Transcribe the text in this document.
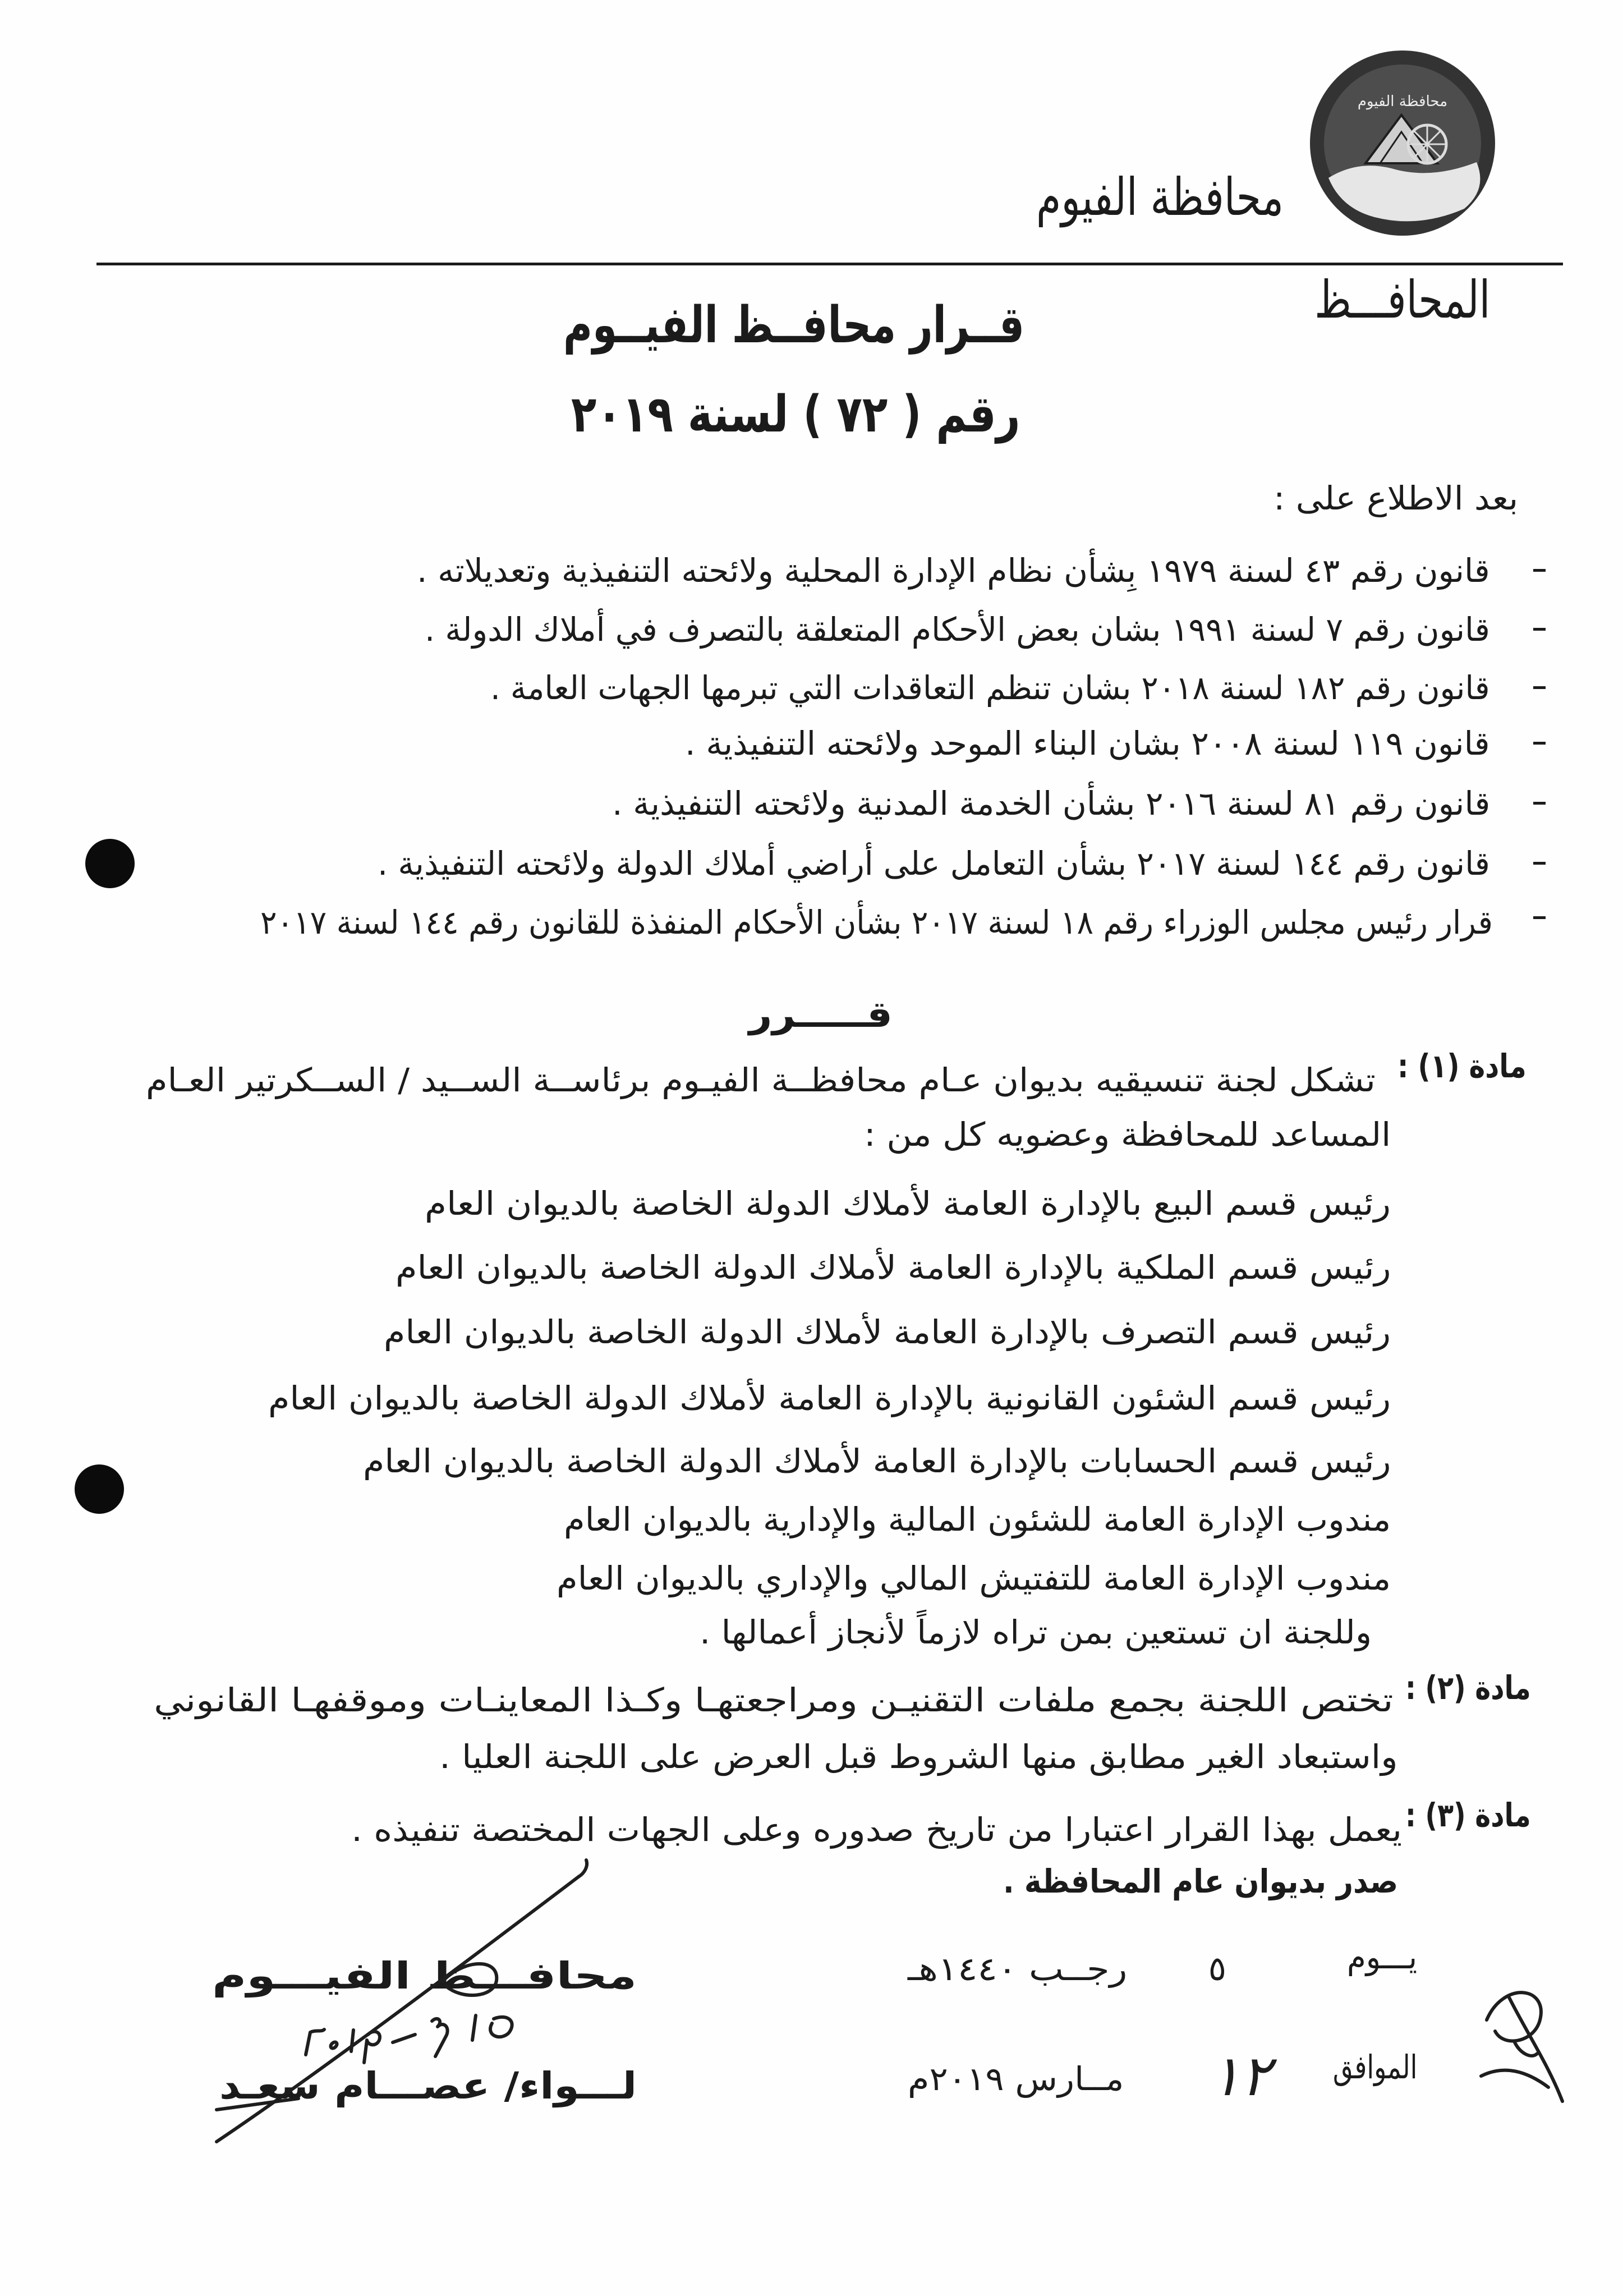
محافظة الفيوم
محافظة الفيوم
المحافـــظ
قــرار محافــظ الفيــوم
رقم ( ٧٢ ) لسنة ٢٠١٩
بعد الاطلاع على :
قانون رقم ٤٣ لسنة ١٩٧٩ بِشأن نظام الإدارة المحلية ولائحته التنفيذية وتعديلاته .
قانون رقم ٧ لسنة ١٩٩١ بشان بعض الأحكام المتعلقة بالتصرف في أملاك الدولة .
قانون رقم ١٨٢ لسنة ٢٠١٨ بشان تنظم التعاقدات التي تبرمها الجهات العامة .
قانون ١١٩ لسنة ٢٠٠٨ بشان البناء الموحد ولائحته التنفيذية .
قانون رقم ٨١ لسنة ٢٠١٦ بشأن الخدمة المدنية ولائحته التنفيذية .
قانون رقم ١٤٤ لسنة ٢٠١٧ بشأن التعامل على أراضي أملاك الدولة ولائحته التنفيذية .
قرار رئيس مجلس الوزراء رقم ١٨ لسنة ٢٠١٧ بشأن الأحكام المنفذة للقانون رقم ١٤٤ لسنة ٢٠١٧
قـــــرر
مادة (١) :
تشكل لجنة تنسيقيه بديوان عـام محافظــة الفيـوم برئاســة الســيد / الســكرتير العـام
المساعد للمحافظة وعضويه كل من :
رئيس قسم البيع بالإدارة العامة لأملاك الدولة الخاصة بالديوان العام
رئيس قسم الملكية بالإدارة العامة لأملاك الدولة الخاصة بالديوان العام
رئيس قسم التصرف بالإدارة العامة لأملاك الدولة الخاصة بالديوان العام
رئيس قسم الشئون القانونية بالإدارة العامة لأملاك الدولة الخاصة بالديوان العام
رئيس قسم الحسابات بالإدارة العامة لأملاك الدولة الخاصة بالديوان العام
مندوب الإدارة العامة للشئون المالية والإدارية بالديوان العام
مندوب الإدارة العامة للتفتيش المالي والإداري بالديوان العام
وللجنة ان تستعين بمن تراه لازماً لأنجاز أعمالها .
مادة (٢) :
تختص اللجنة بجمع ملفات التقنيـن ومراجعتهـا وكـذا المعاينـات وموقفهـا القانوني
واستبعاد الغير مطابق منها الشروط قبل العرض على اللجنة العليا .
مادة (٣) :
يعمل بهذا القرار اعتبارا من تاريخ صدوره وعلى الجهات المختصة تنفيذه .
صدر بديوان عام المحافظة .
يـــوم
٥
رجــب ١٤٤٠هـ
الموافق
١٢
مــارس ٢٠١٩م
محافـــظ الفيـــوم
لـــواء/ عصـــام سعـد
